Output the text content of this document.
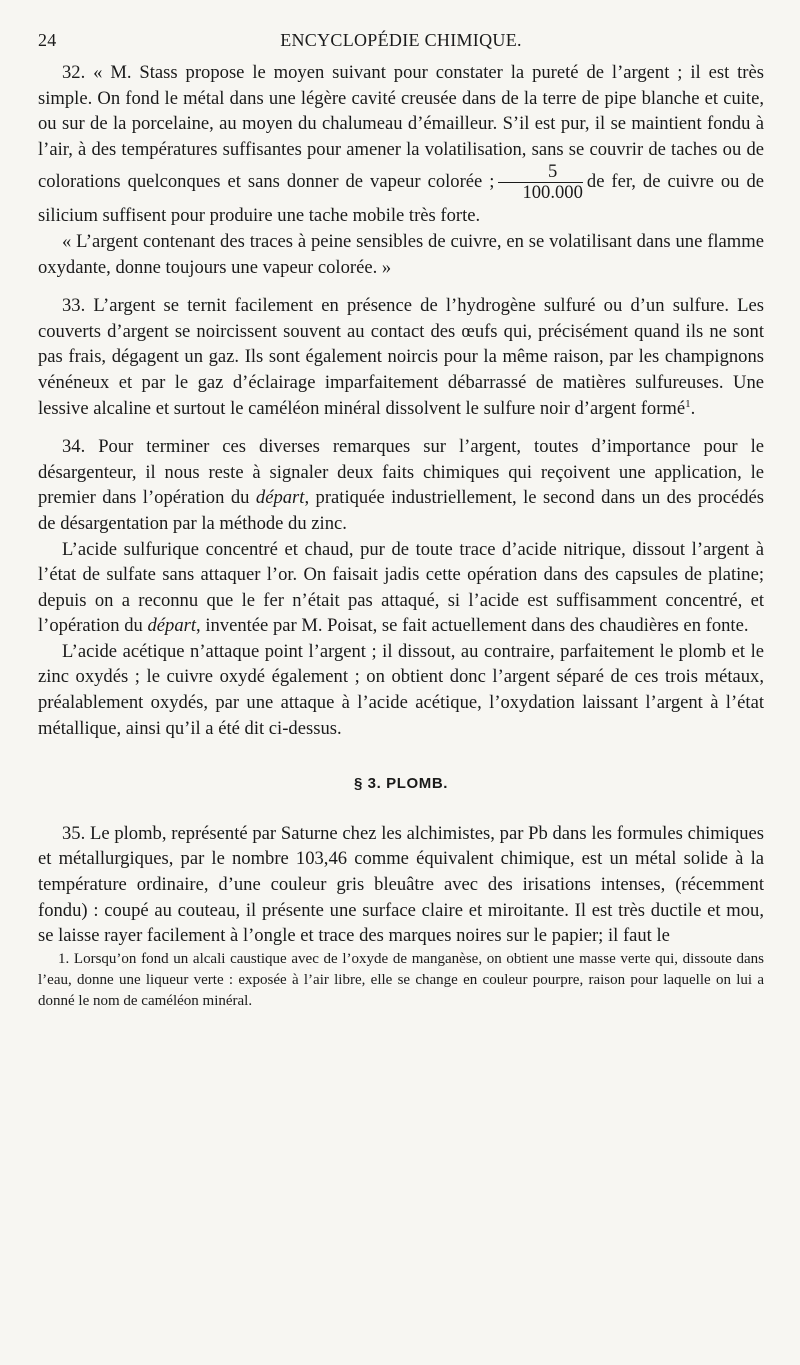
24	ENCYCLOPÉDIE CHIMIQUE.

32. « M. Stass propose le moyen suivant pour constater la pureté de l’argent ; il est très simple. On fond le métal dans une légère cavité creusée dans de la terre de pipe blanche et cuite, ou sur de la porcelaine, au moyen du chalumeau d’émailleur. S’il est pur, il se maintient fondu à l’air, à des températures suffisantes pour amener la volatilisation, sans se couvrir de taches ou de colorations quelconques et sans donner de vapeur colorée ; $\frac{5}{100.000}$ de fer, de cuivre ou de silicium suffisent pour produire une tache mobile très forte.

« L’argent contenant des traces à peine sensibles de cuivre, en se volatilisant dans une flamme oxydante, donne toujours une vapeur colorée. »

33. L’argent se ternit facilement en présence de l’hydrogène sulfuré ou d’un sulfure. Les couverts d’argent se noircissent souvent au contact des œufs qui, précisément quand ils ne sont pas frais, dégagent un gaz. Ils sont également noircis pour la même raison, par les champignons vénéneux et par le gaz d’éclairage imparfaitement débarrassé de matières sulfureuses. Une lessive alcaline et surtout le caméléon minéral dissolvent le sulfure noir d’argent formé$^1$.

34. Pour terminer ces diverses remarques sur l’argent, toutes d’importance pour le désargenteur, il nous reste à signaler deux faits chimiques qui reçoivent une application, le premier dans l’opération du départ, pratiquée industriellement, le second dans un des procédés de désargentation par la méthode du zinc.

L’acide sulfurique concentré et chaud, pur de toute trace d’acide nitrique, dissout l’argent à l’état de sulfate sans attaquer l’or. On faisait jadis cette opération dans des capsules de platine; depuis on a reconnu que le fer n’était pas attaqué, si l’acide est suffisamment concentré, et l’opération du départ, inventée par M. Poisat, se fait actuellement dans des chaudières en fonte.

L’acide acétique n’attaque point l’argent ; il dissout, au contraire, parfaitement le plomb et le zinc oxydés ; le cuivre oxydé également ; on obtient donc l’argent séparé de ces trois métaux, préalablement oxydés, par une attaque à l’acide acétique, l’oxydation laissant l’argent à l’état métallique, ainsi qu’il a été dit ci-dessus.

§ 3. PLOMB.

35. Le plomb, représenté par Saturne chez les alchimistes, par Pb dans les formules chimiques et métallurgiques, par le nombre 103,46 comme équivalent chimique, est un métal solide à la température ordinaire, d’une couleur gris bleuâtre avec des irisations intenses, (récemment fondu) : coupé au couteau, il présente une surface claire et miroitante. Il est très ductile et mou, se laisse rayer facilement à l’ongle et trace des marques noires sur le papier; il faut le

1. Lorsqu’on fond un alcali caustique avec de l’oxyde de manganèse, on obtient une masse verte qui, dissoute dans l’eau, donne une liqueur verte : exposée à l’air libre, elle se change en couleur pourpre, raison pour laquelle on lui a donné le nom de caméléon minéral.
